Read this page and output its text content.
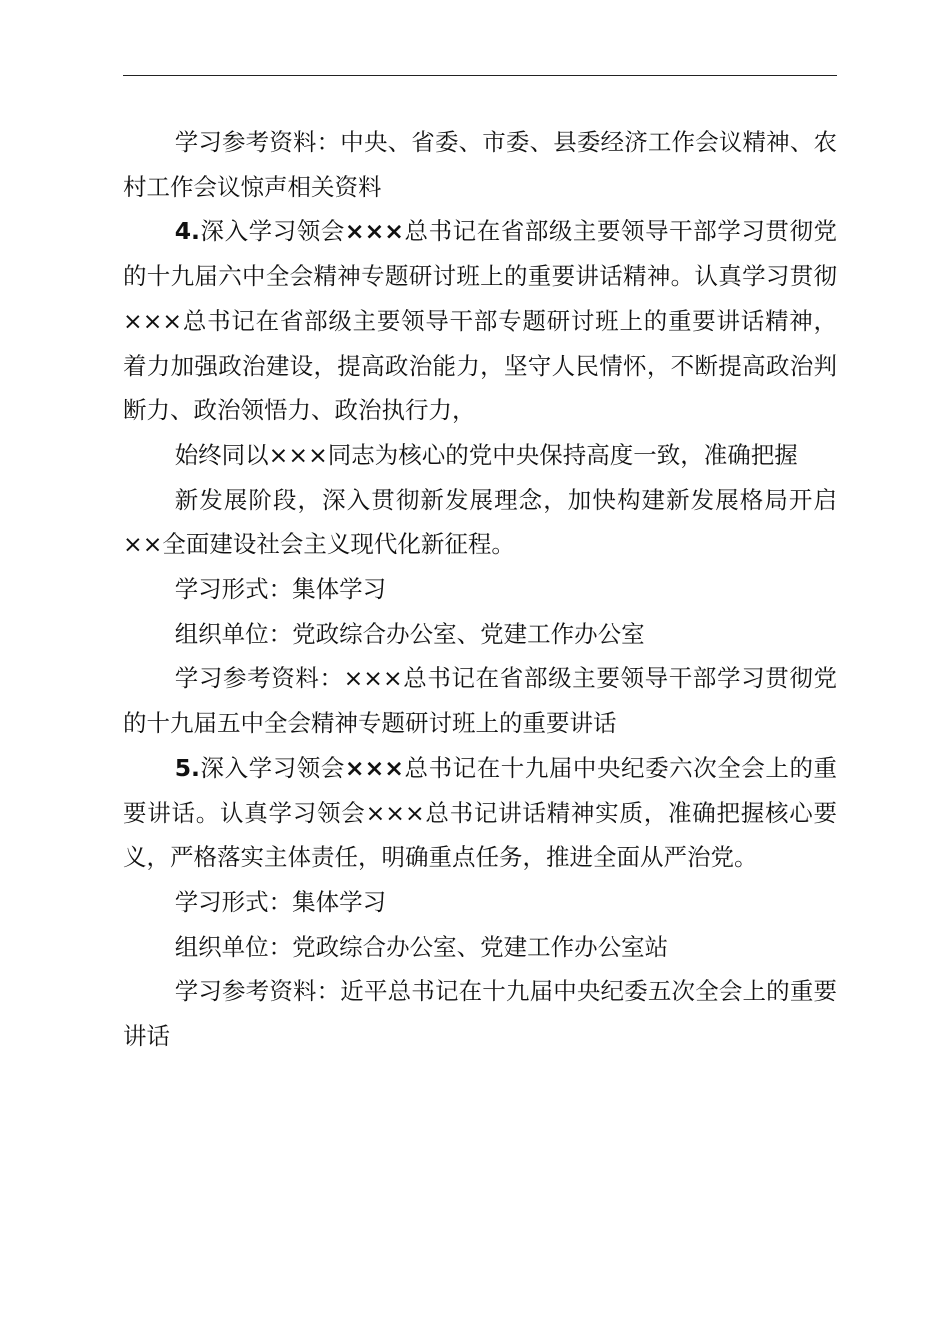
学习参考资料：中央、省委、市委、县委经济工作会议精神、农村工作会议惊声相关资料

4.深入学习领会×××总书记在省部级主要领导干部学习贯彻党的十九届六中全会精神专题研讨班上的重要讲话精神。认真学习贯彻×××总书记在省部级主要领导干部专题研讨班上的重要讲话精神，着力加强政治建设，提高政治能力，坚守人民情怀，不断提高政治判断力、政治领悟力、政治执行力，

始终同以×××同志为核心的党中央保持高度一致，准确把握

新发展阶段，深入贯彻新发展理念，加快构建新发展格局开启××全面建设社会主义现代化新征程。

学习形式：集体学习

组织单位：党政综合办公室、党建工作办公室

学习参考资料：×××总书记在省部级主要领导干部学习贯彻党的十九届五中全会精神专题研讨班上的重要讲话

5.深入学习领会×××总书记在十九届中央纪委六次全会上的重要讲话。认真学习领会×××总书记讲话精神实质，准确把握核心要义，严格落实主体责任，明确重点任务，推进全面从严治党。

学习形式：集体学习

组织单位：党政综合办公室、党建工作办公室站

学习参考资料：近平总书记在十九届中央纪委五次全会上的重要讲话
